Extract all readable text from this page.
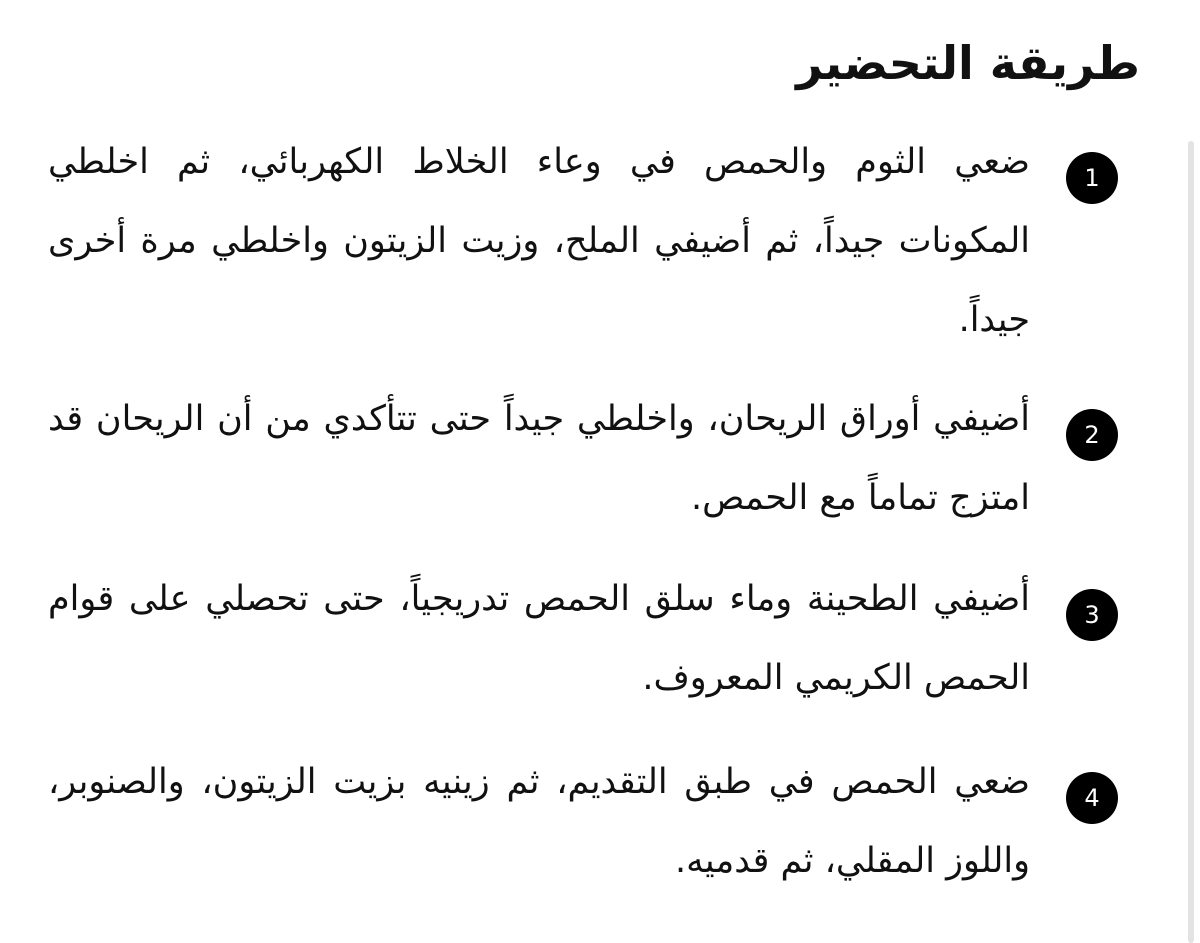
طريقة التحضير
1

ضعي الثوم والحمص في وعاء الخلاط الكهربائي، ثم اخلطي المكونات جيداً، ثم أضيفي الملح، وزيت الزيتون واخلطي مرة أخرى جيداً.

2

أضيفي أوراق الريحان، واخلطي جيداً حتى تتأكدي من أن الريحان قد امتزج تماماً مع الحمص.

3

أضيفي الطحينة وماء سلق الحمص تدريجياً، حتى تحصلي على قوام الحمص الكريمي المعروف.

4

ضعي الحمص في طبق التقديم، ثم زينيه بزيت الزيتون، والصنوبر، واللوز المقلي، ثم قدميه.
